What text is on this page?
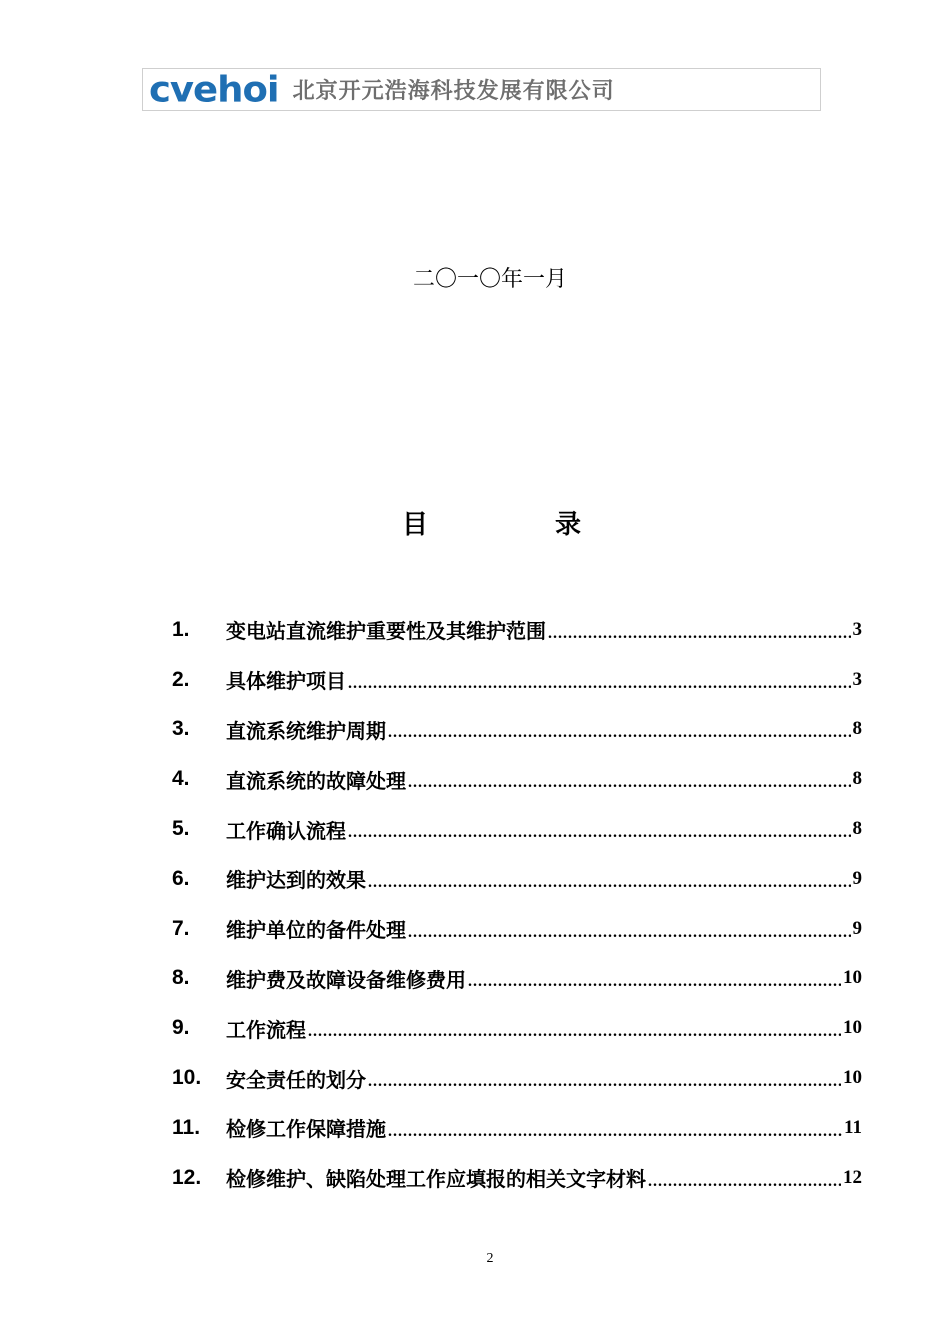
cvehoi 北京开元浩海科技发展有限公司
二〇一〇年一月
目	录
1.	变电站直流维护重要性及其维护范围 .....	3
2.	具体维护项目 .....	3
3.	直流系统维护周期 .....	8
4.	直流系统的故障处理 .....	8
5.	工作确认流程 .....	8
6.	维护达到的效果 .....	9
7.	维护单位的备件处理 .....	9
8.	维护费及故障设备维修费用 .....	10
9.	工作流程 .....	10
10.	安全责任的划分 .....	10
11.	检修工作保障措施 .....	11
12.	检修维护、缺陷处理工作应填报的相关文字材料 .....	12
2
